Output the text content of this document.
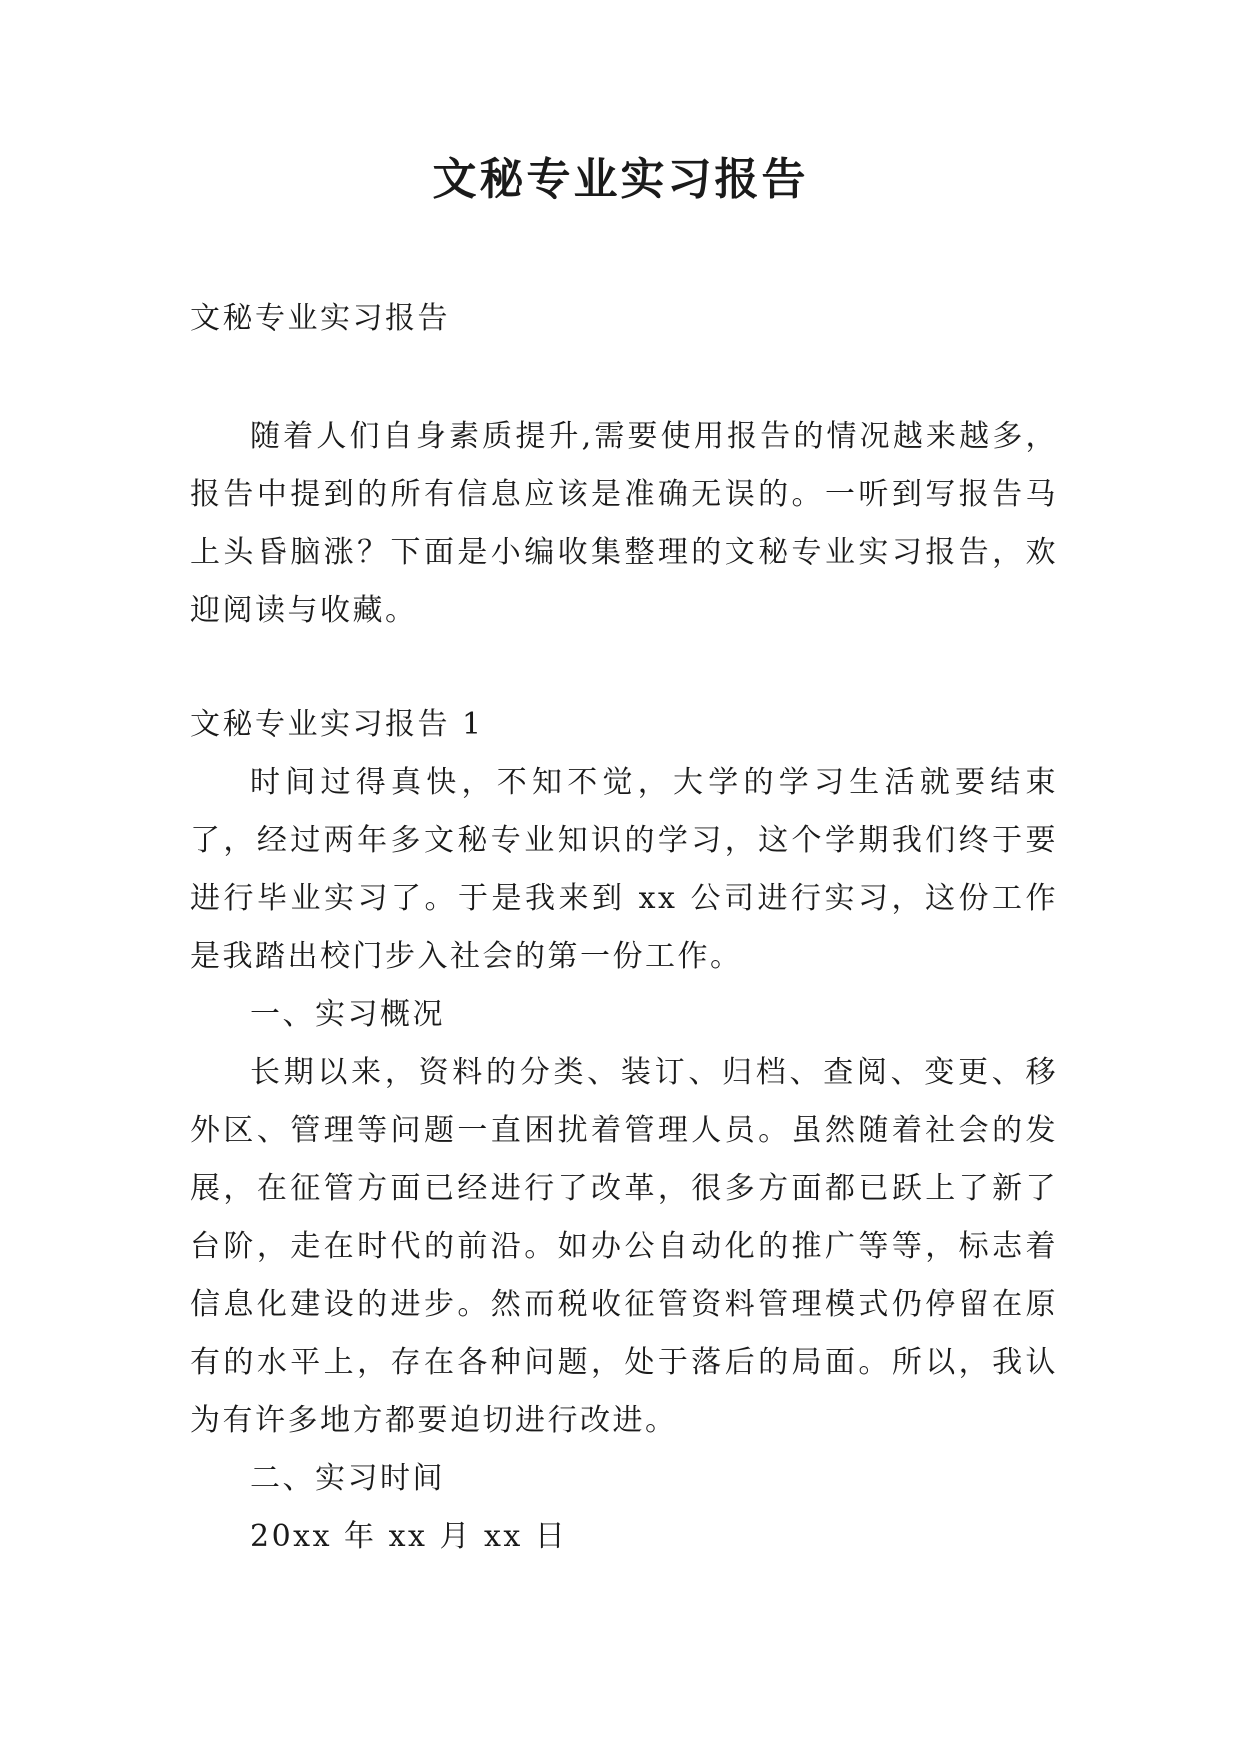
文秘专业实习报告

文秘专业实习报告

随着人们自身素质提升,需要使用报告的情况越来越多，报告中提到的所有信息应该是准确无误的。一听到写报告马上头昏脑涨？下面是小编收集整理的文秘专业实习报告，欢迎阅读与收藏。

文秘专业实习报告 1

时间过得真快，不知不觉，大学的学习生活就要结束了，经过两年多文秘专业知识的学习，这个学期我们终于要进行毕业实习了。于是我来到 xx 公司进行实习，这份工作是我踏出校门步入社会的第一份工作。

一、实习概况

长期以来，资料的分类、装订、归档、查阅、变更、移外区、管理等问题一直困扰着管理人员。虽然随着社会的发展，在征管方面已经进行了改革，很多方面都已跃上了新了台阶，走在时代的前沿。如办公自动化的推广等等，标志着信息化建设的进步。然而税收征管资料管理模式仍停留在原有的水平上，存在各种问题，处于落后的局面。所以，我认为有许多地方都要迫切进行改进。

二、实习时间

20xx 年 xx 月 xx 日
